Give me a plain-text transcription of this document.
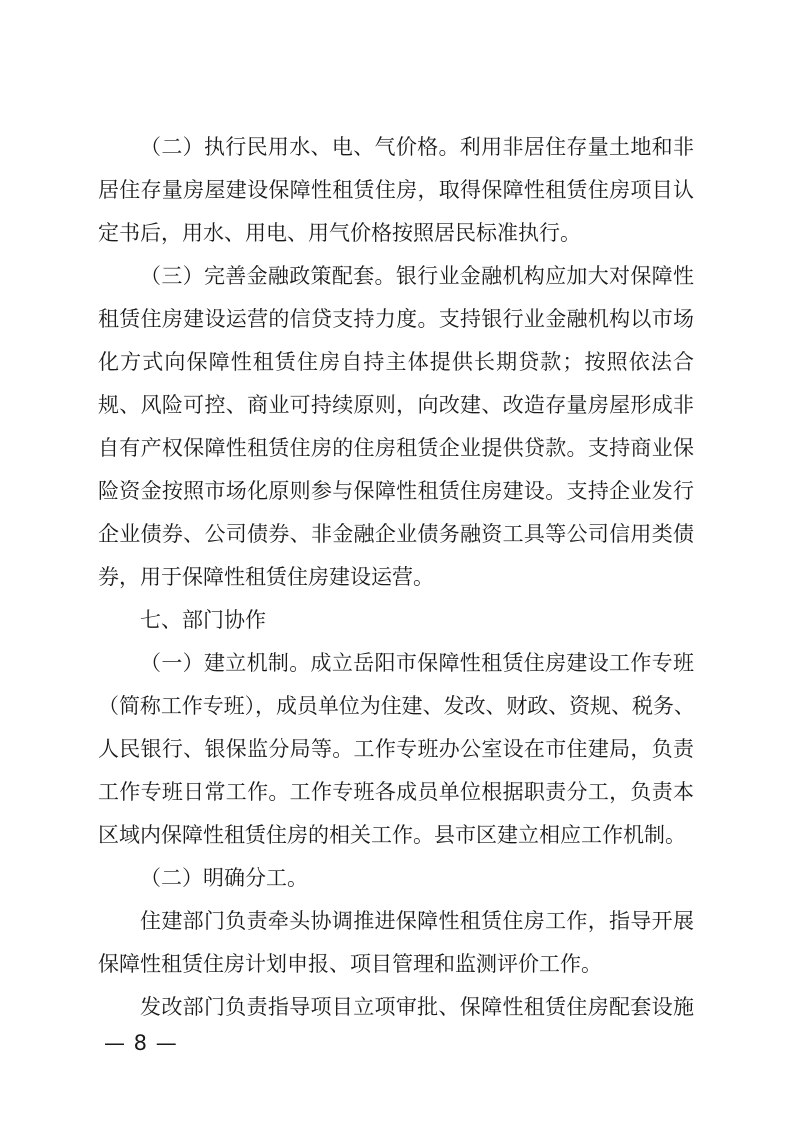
（二）执行民用水、电、气价格。利用非居住存量土地和非
居住存量房屋建设保障性租赁住房，取得保障性租赁住房项目认
定书后，用水、用电、用气价格按照居民标准执行。
（三）完善金融政策配套。银行业金融机构应加大对保障性
租赁住房建设运营的信贷支持力度。支持银行业金融机构以市场
化方式向保障性租赁住房自持主体提供长期贷款；按照依法合
规、风险可控、商业可持续原则，向改建、改造存量房屋形成非
自有产权保障性租赁住房的住房租赁企业提供贷款。支持商业保
险资金按照市场化原则参与保障性租赁住房建设。支持企业发行
企业债券、公司债券、非金融企业债务融资工具等公司信用类债
券，用于保障性租赁住房建设运营。
七、部门协作
（一）建立机制。成立岳阳市保障性租赁住房建设工作专班
（简称工作专班），成员单位为住建、发改、财政、资规、税务、
人民银行、银保监分局等。工作专班办公室设在市住建局，负责
工作专班日常工作。工作专班各成员单位根据职责分工，负责本
区域内保障性租赁住房的相关工作。县市区建立相应工作机制。
（二）明确分工。
住建部门负责牵头协调推进保障性租赁住房工作，指导开展
保障性租赁住房计划申报、项目管理和监测评价工作。
发改部门负责指导项目立项审批、保障性租赁住房配套设施
— 8 —
